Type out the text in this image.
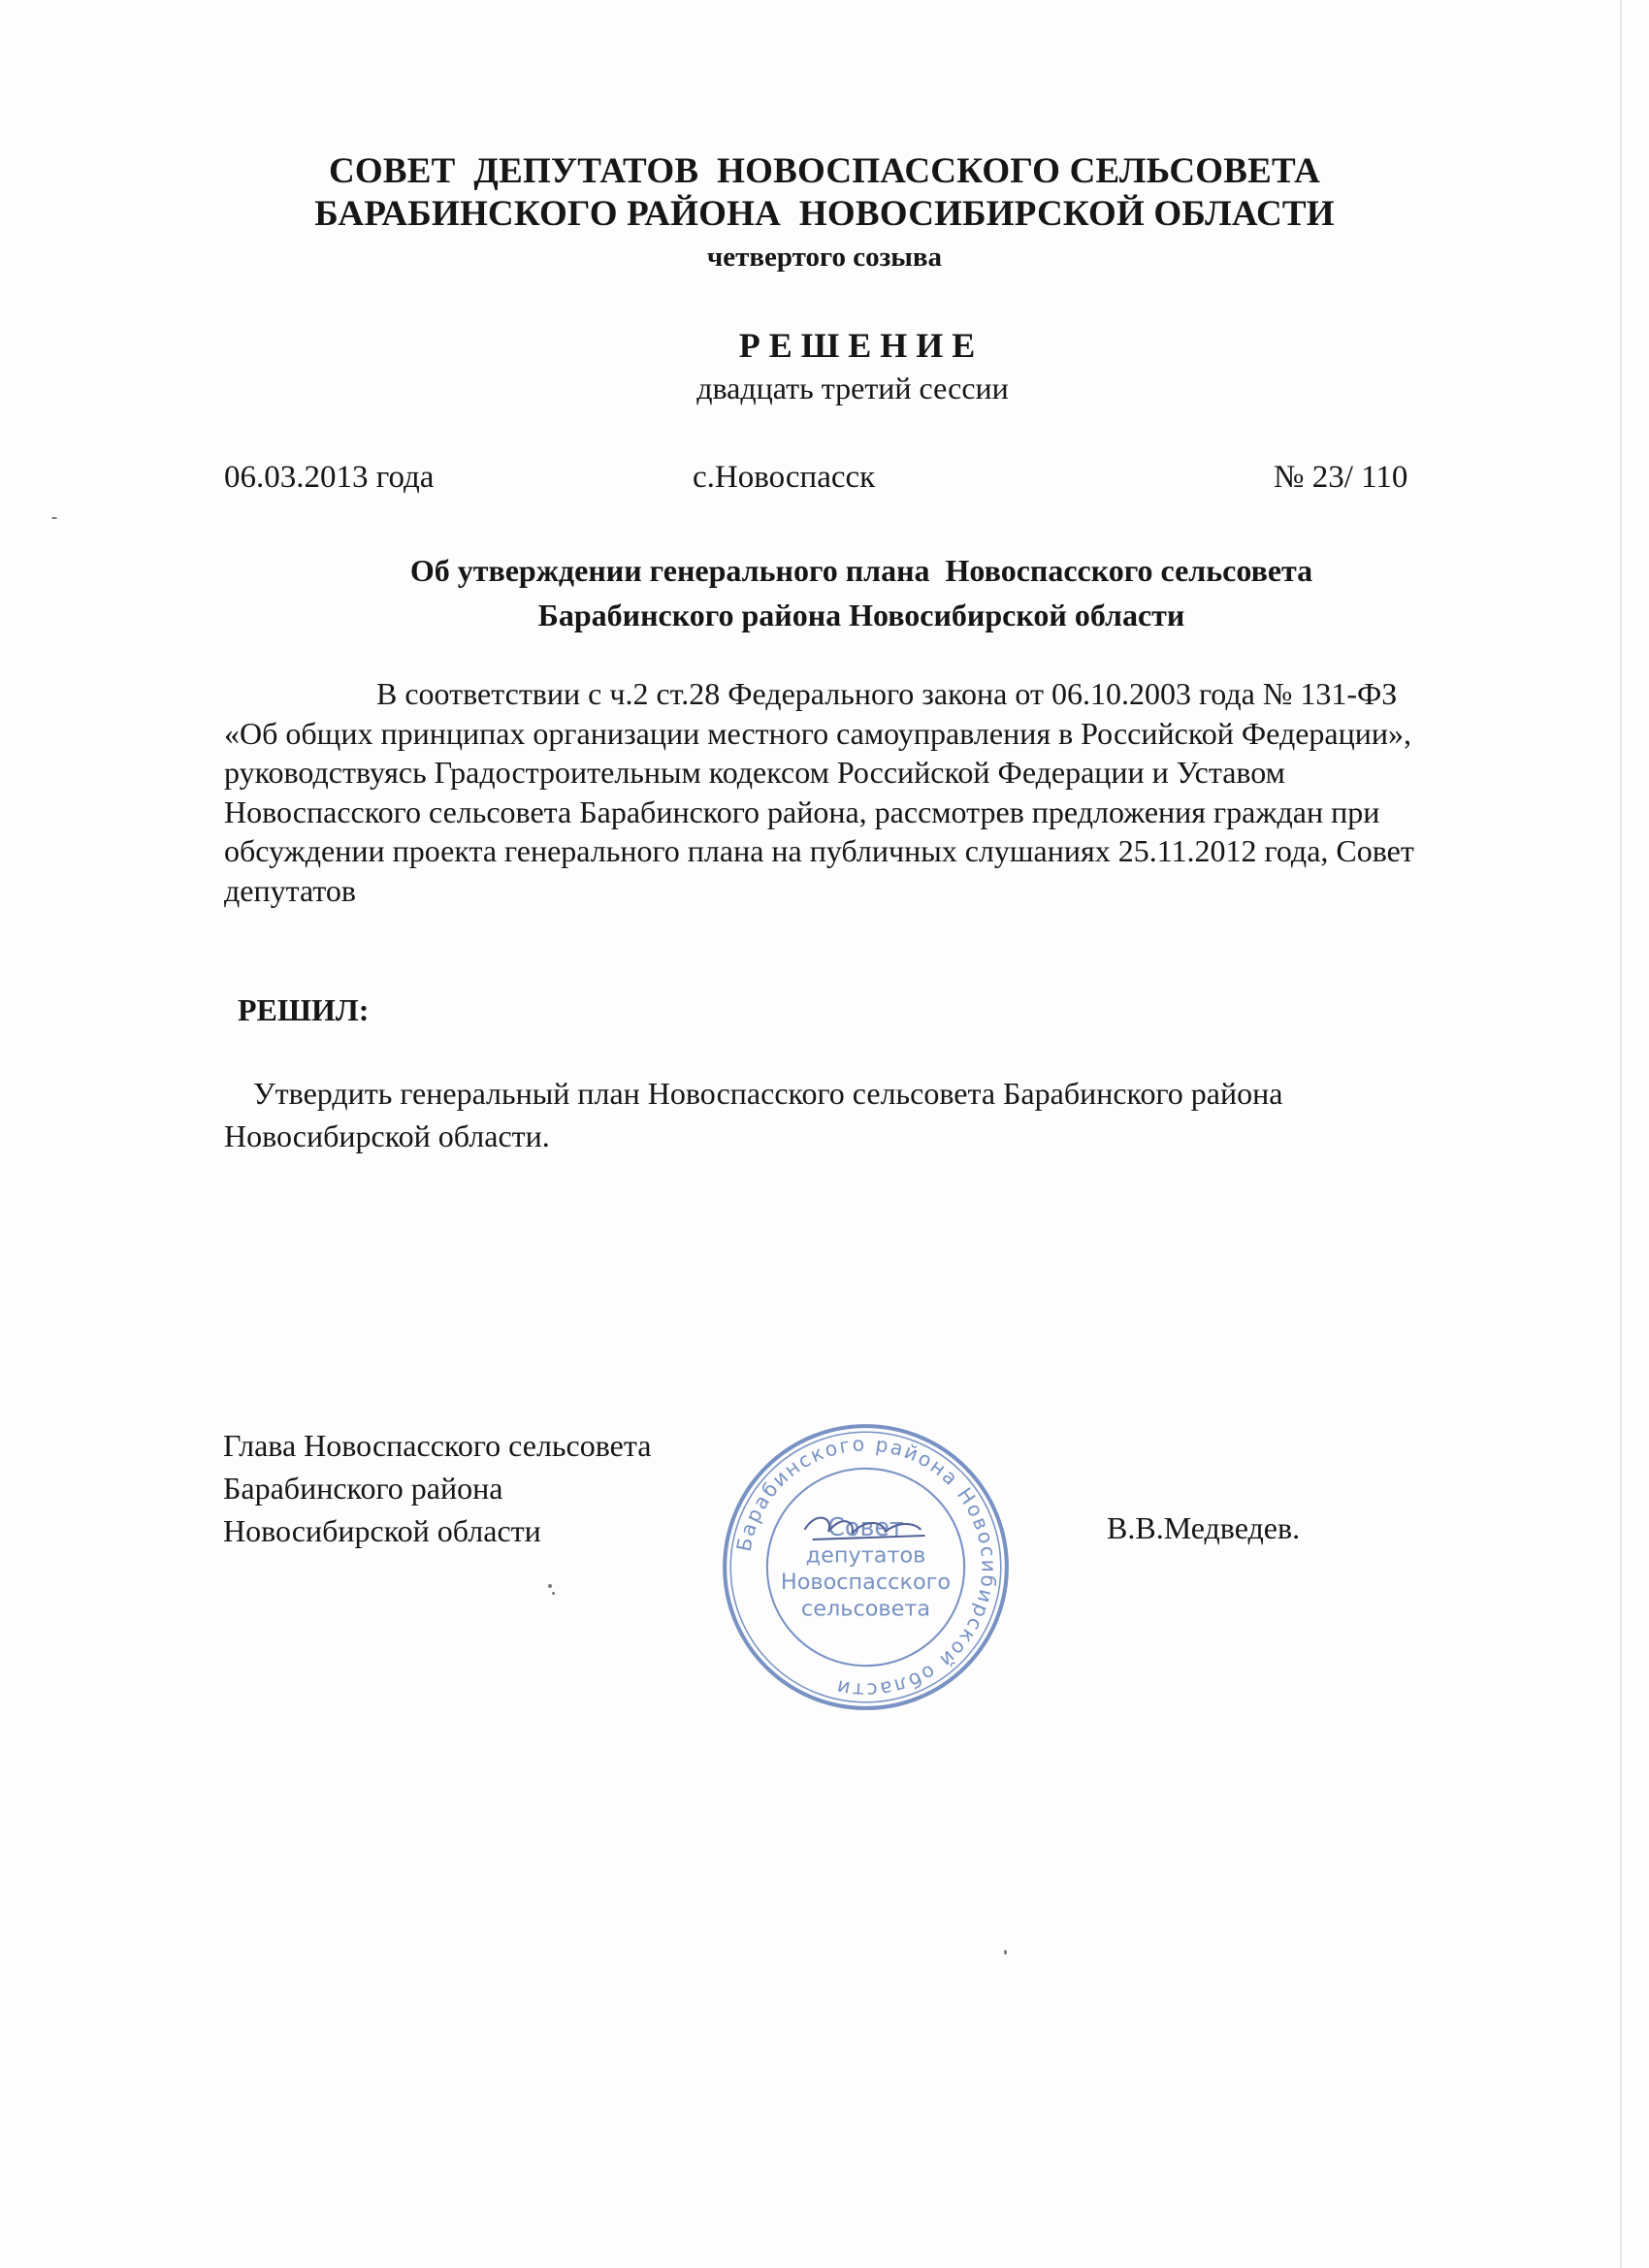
СОВЕТ  ДЕПУТАТОВ  НОВОСПАССКОГО СЕЛЬСОВЕТА
БАРАБИНСКОГО РАЙОНА  НОВОСИБИРСКОЙ ОБЛАСТИ
четвертого созыва
РЕШЕНИЕ
двадцать третий сессии
06.03.2013 года	с.Новоспасск	№ 23/ 110
Об утверждении генерального плана  Новоспасского сельсовета
Барабинского района Новосибирской области
В соответствии с ч.2 ст.28 Федерального закона от 06.10.2003 года № 131-ФЗ «Об общих принципах организации местного самоуправления в Российской Федерации», руководствуясь Градостроительным кодексом Российской Федерации и Уставом Новоспасского сельсовета Барабинского района, рассмотрев предложения граждан при обсуждении проекта генерального плана на публичных слушаниях 25.11.2012 года, Совет депутатов
РЕШИЛ:
Утвердить генеральный план Новоспасского сельсовета Барабинского района Новосибирской области.
Глава Новоспасского сельсовета
Барабинского района
Новосибирской области	Барабинского района Новосибирской области
Совет
депутатов
Новоспасского
сельсовета
В.В.Медведев.
